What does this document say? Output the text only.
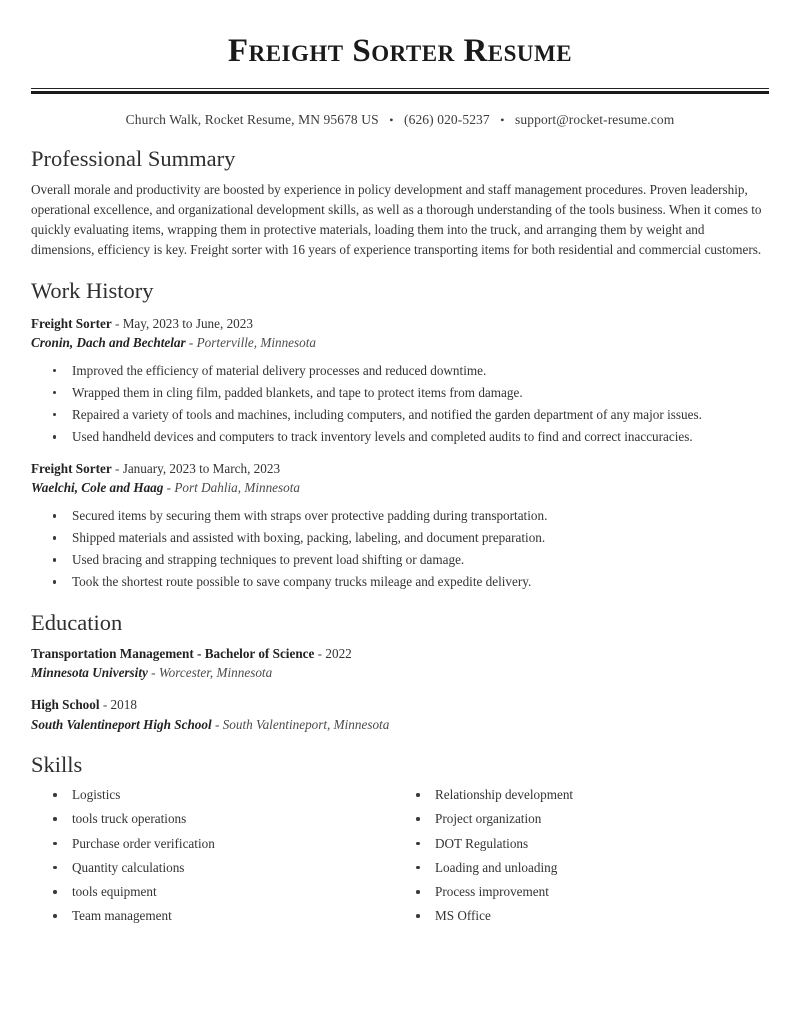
Freight Sorter Resume
Church Walk, Rocket Resume, MN 95678 US • (626) 020-5237 • support@rocket-resume.com
Professional Summary

Overall morale and productivity are boosted by experience in policy development and staff management procedures. Proven leadership, operational excellence, and organizational development skills, as well as a thorough understanding of the tools business. When it comes to quickly evaluating items, wrapping them in protective materials, loading them into the truck, and arranging them by weight and dimensions, efficiency is key. Freight sorter with 16 years of experience transporting items for both residential and commercial customers.

Work History
Freight Sorter - May, 2023 to June, 2023
Cronin, Dach and Bechtelar - Porterville, Minnesota
Improved the efficiency of material delivery processes and reduced downtime.
Wrapped them in cling film, padded blankets, and tape to protect items from damage.
Repaired a variety of tools and machines, including computers, and notified the garden department of any major issues.
Used handheld devices and computers to track inventory levels and completed audits to find and correct inaccuracies.
Freight Sorter - January, 2023 to March, 2023
Waelchi, Cole and Haag - Port Dahlia, Minnesota
Secured items by securing them with straps over protective padding during transportation.
Shipped materials and assisted with boxing, packing, labeling, and document preparation.
Used bracing and strapping techniques to prevent load shifting or damage.
Took the shortest route possible to save company trucks mileage and expedite delivery.
Education
Transportation Management - Bachelor of Science - 2022
Minnesota University - Worcester, Minnesota
High School - 2018
South Valentineport High School - South Valentineport, Minnesota
Skills
Logistics
tools truck operations
Purchase order verification
Quantity calculations
tools equipment
Team management
Relationship development
Project organization
DOT Regulations
Loading and unloading
Process improvement
MS Office
